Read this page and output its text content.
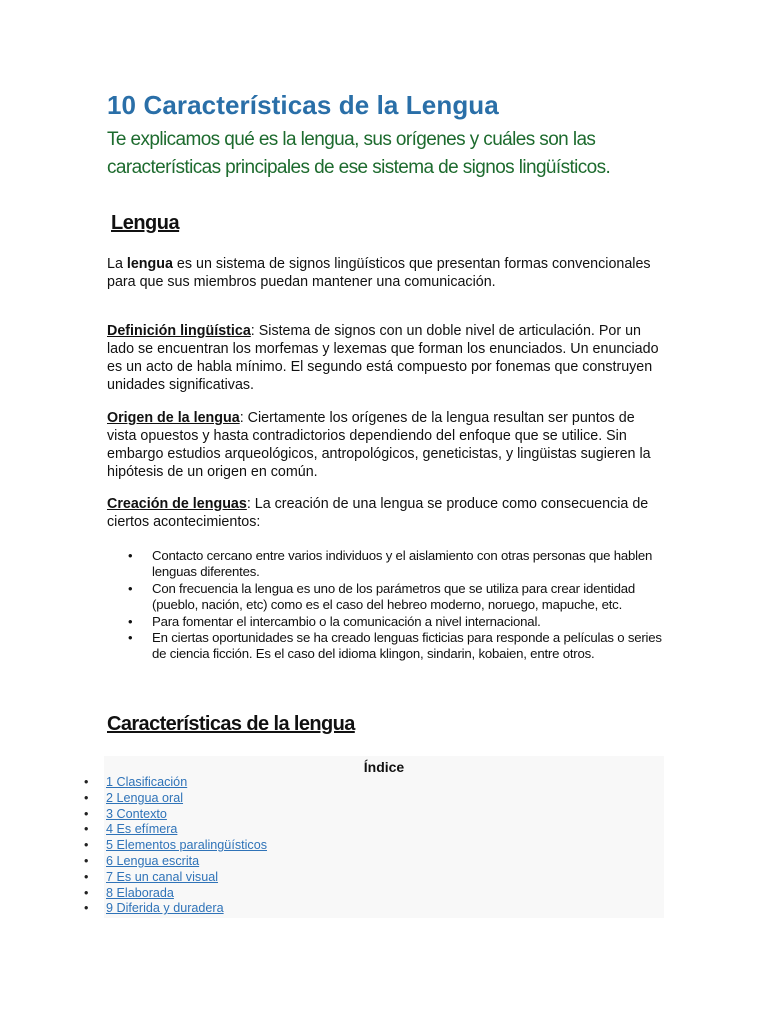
10 Características de la Lengua

Te explicamos qué es la lengua, sus orígenes y cuáles son las características principales de ese sistema de signos lingüísticos.

Lengua

La lengua es un sistema de signos lingüísticos que presentan formas convencionales para que sus miembros puedan mantener una comunicación.

Definición lingüística: Sistema de signos con un doble nivel de articulación. Por un lado se encuentran los morfemas y lexemas que forman los enunciados. Un enunciado es un acto de habla mínimo. El segundo está compuesto por fonemas que construyen unidades significativas.

Origen de la lengua: Ciertamente los orígenes de la lengua resultan ser puntos de vista opuestos y hasta contradictorios dependiendo del enfoque que se utilice. Sin embargo estudios arqueológicos, antropológicos, geneticistas, y lingüistas sugieren la hipótesis de un origen en común.

Creación de lenguas: La creación de una lengua se produce como consecuencia de ciertos acontecimientos:

• Contacto cercano entre varios individuos y el aislamiento con otras personas que hablen lenguas diferentes.
• Con frecuencia la lengua es uno de los parámetros que se utiliza para crear identidad (pueblo, nación, etc) como es el caso del hebreo moderno, noruego, mapuche, etc.
• Para fomentar el intercambio o la comunicación a nivel internacional.
• En ciertas oportunidades se ha creado lenguas ficticias para responde a películas o series de ciencia ficción. Es el caso del idioma klingon, sindarin, kobaien, entre otros.
Características de la lengua
Índice
• 1 Clasificación
• 2 Lengua oral
• 3 Contexto
• 4 Es efímera
• 5 Elementos paralingüísticos
• 6 Lengua escrita
• 7 Es un canal visual
• 8 Elaborada
• 9 Diferida y duradera
